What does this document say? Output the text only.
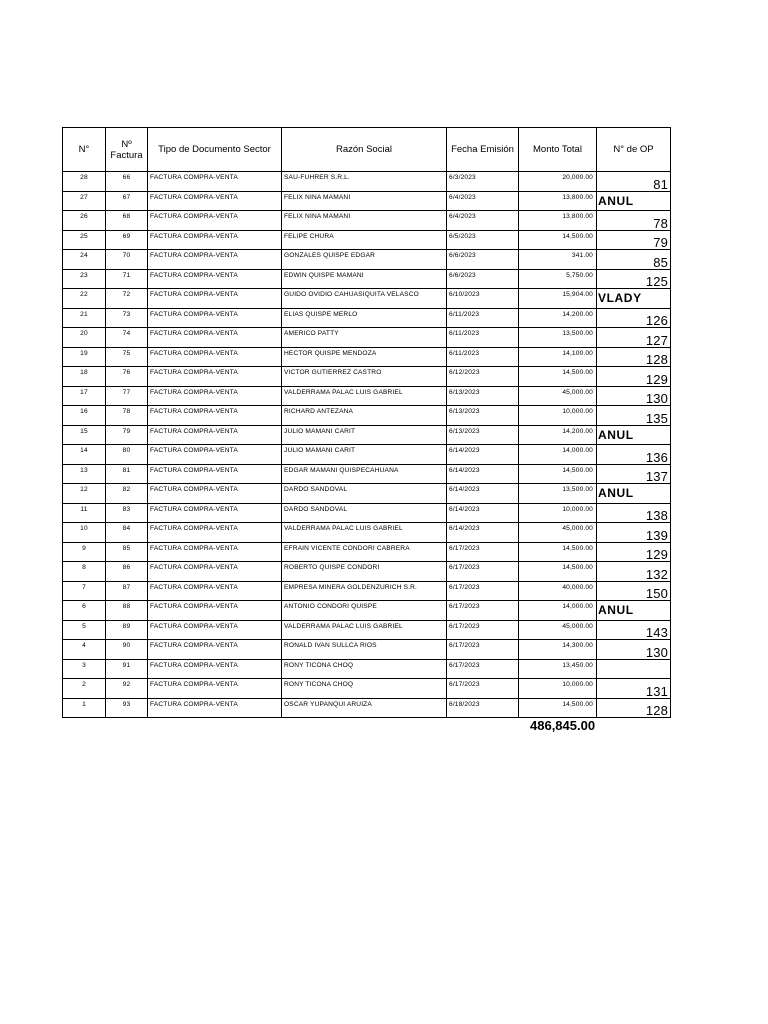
N°	Nº Factura	Tipo de Documento Sector	Razón Social	Fecha Emisión	Monto Total	N° de OP
28	66	FACTURA COMPRA-VENTA	SAU-FUHRER S.R.L.	6/3/2023	20,000.00	81

27	67	FACTURA COMPRA-VENTA	FELIX NINA MAMANI	6/4/2023	13,800.00	ANUL

26	68	FACTURA COMPRA-VENTA	FELIX NINA MAMANI	6/4/2023	13,800.00	78

25	69	FACTURA COMPRA-VENTA	FELIPE CHURA	6/5/2023	14,500.00	79

24	70	FACTURA COMPRA-VENTA	GONZALES QUISPE EDGAR	6/6/2023	341.00	85

23	71	FACTURA COMPRA-VENTA	EDWIN QUISPE MAMANI	6/6/2023	5,750.00	125

22	72	FACTURA COMPRA-VENTA	GUIDO OVIDIO CAHUASIQUITA VELASCO	6/10/2023	15,904.00	VLADY

21	73	FACTURA COMPRA-VENTA	ELIAS QUISPE MERLO	6/11/2023	14,200.00	126

20	74	FACTURA COMPRA-VENTA	AMERICO PATTY	6/11/2023	13,500.00	127

19	75	FACTURA COMPRA-VENTA	HECTOR QUISPE MENDOZA	6/11/2023	14,100.00	128

18	76	FACTURA COMPRA-VENTA	VICTOR GUTIERREZ CASTRO	6/12/2023	14,500.00	129

17	77	FACTURA COMPRA-VENTA	VALDERRAMA PALAC LUIS GABRIEL	6/13/2023	45,000.00	130

16	78	FACTURA COMPRA-VENTA	RICHARD ANTEZANA	6/13/2023	10,000.00	135

15	79	FACTURA COMPRA-VENTA	JULIO MAMANI CARIT	6/13/2023	14,200.00	ANUL

14	80	FACTURA COMPRA-VENTA	JULIO MAMANI CARIT	6/14/2023	14,000.00	136

13	81	FACTURA COMPRA-VENTA	EDGAR MAMANI QUISPECAHUANA	6/14/2023	14,500.00	137

12	82	FACTURA COMPRA-VENTA	DARDO SANDOVAL	6/14/2023	13,500.00	ANUL

11	83	FACTURA COMPRA-VENTA	DARDO SANDOVAL	6/14/2023	10,000.00	138

10	84	FACTURA COMPRA-VENTA	VALDERRAMA PALAC LUIS GABRIEL	6/14/2023	45,000.00	139

9	85	FACTURA COMPRA-VENTA	EFRAIN VICENTE CONDORI CABRERA	6/17/2023	14,500.00	129

8	86	FACTURA COMPRA-VENTA	ROBERTO QUISPE CONDORI	6/17/2023	14,500.00	132

7	87	FACTURA COMPRA-VENTA	EMPRESA MINERA GOLDENZURICH S.R.	6/17/2023	40,000.00	150

6	88	FACTURA COMPRA-VENTA	ANTONIO CONDORI QUISPE	6/17/2023	14,000.00	ANUL

5	89	FACTURA COMPRA-VENTA	VALDERRAMA PALAC LUIS GABRIEL	6/17/2023	45,000.00	143

4	90	FACTURA COMPRA-VENTA	RONALD IVAN SULLCA RIOS	6/17/2023	14,300.00	130

3	91	FACTURA COMPRA-VENTA	RONY TICONA CHOQ	6/17/2023	13,450.00	

2	92	FACTURA COMPRA-VENTA	RONY TICONA CHOQ	6/17/2023	10,000.00	131

1	93	FACTURA COMPRA-VENTA	OSCAR YUPANQUI ARUIZA	6/18/2023	14,500.00	128
486,845.00
